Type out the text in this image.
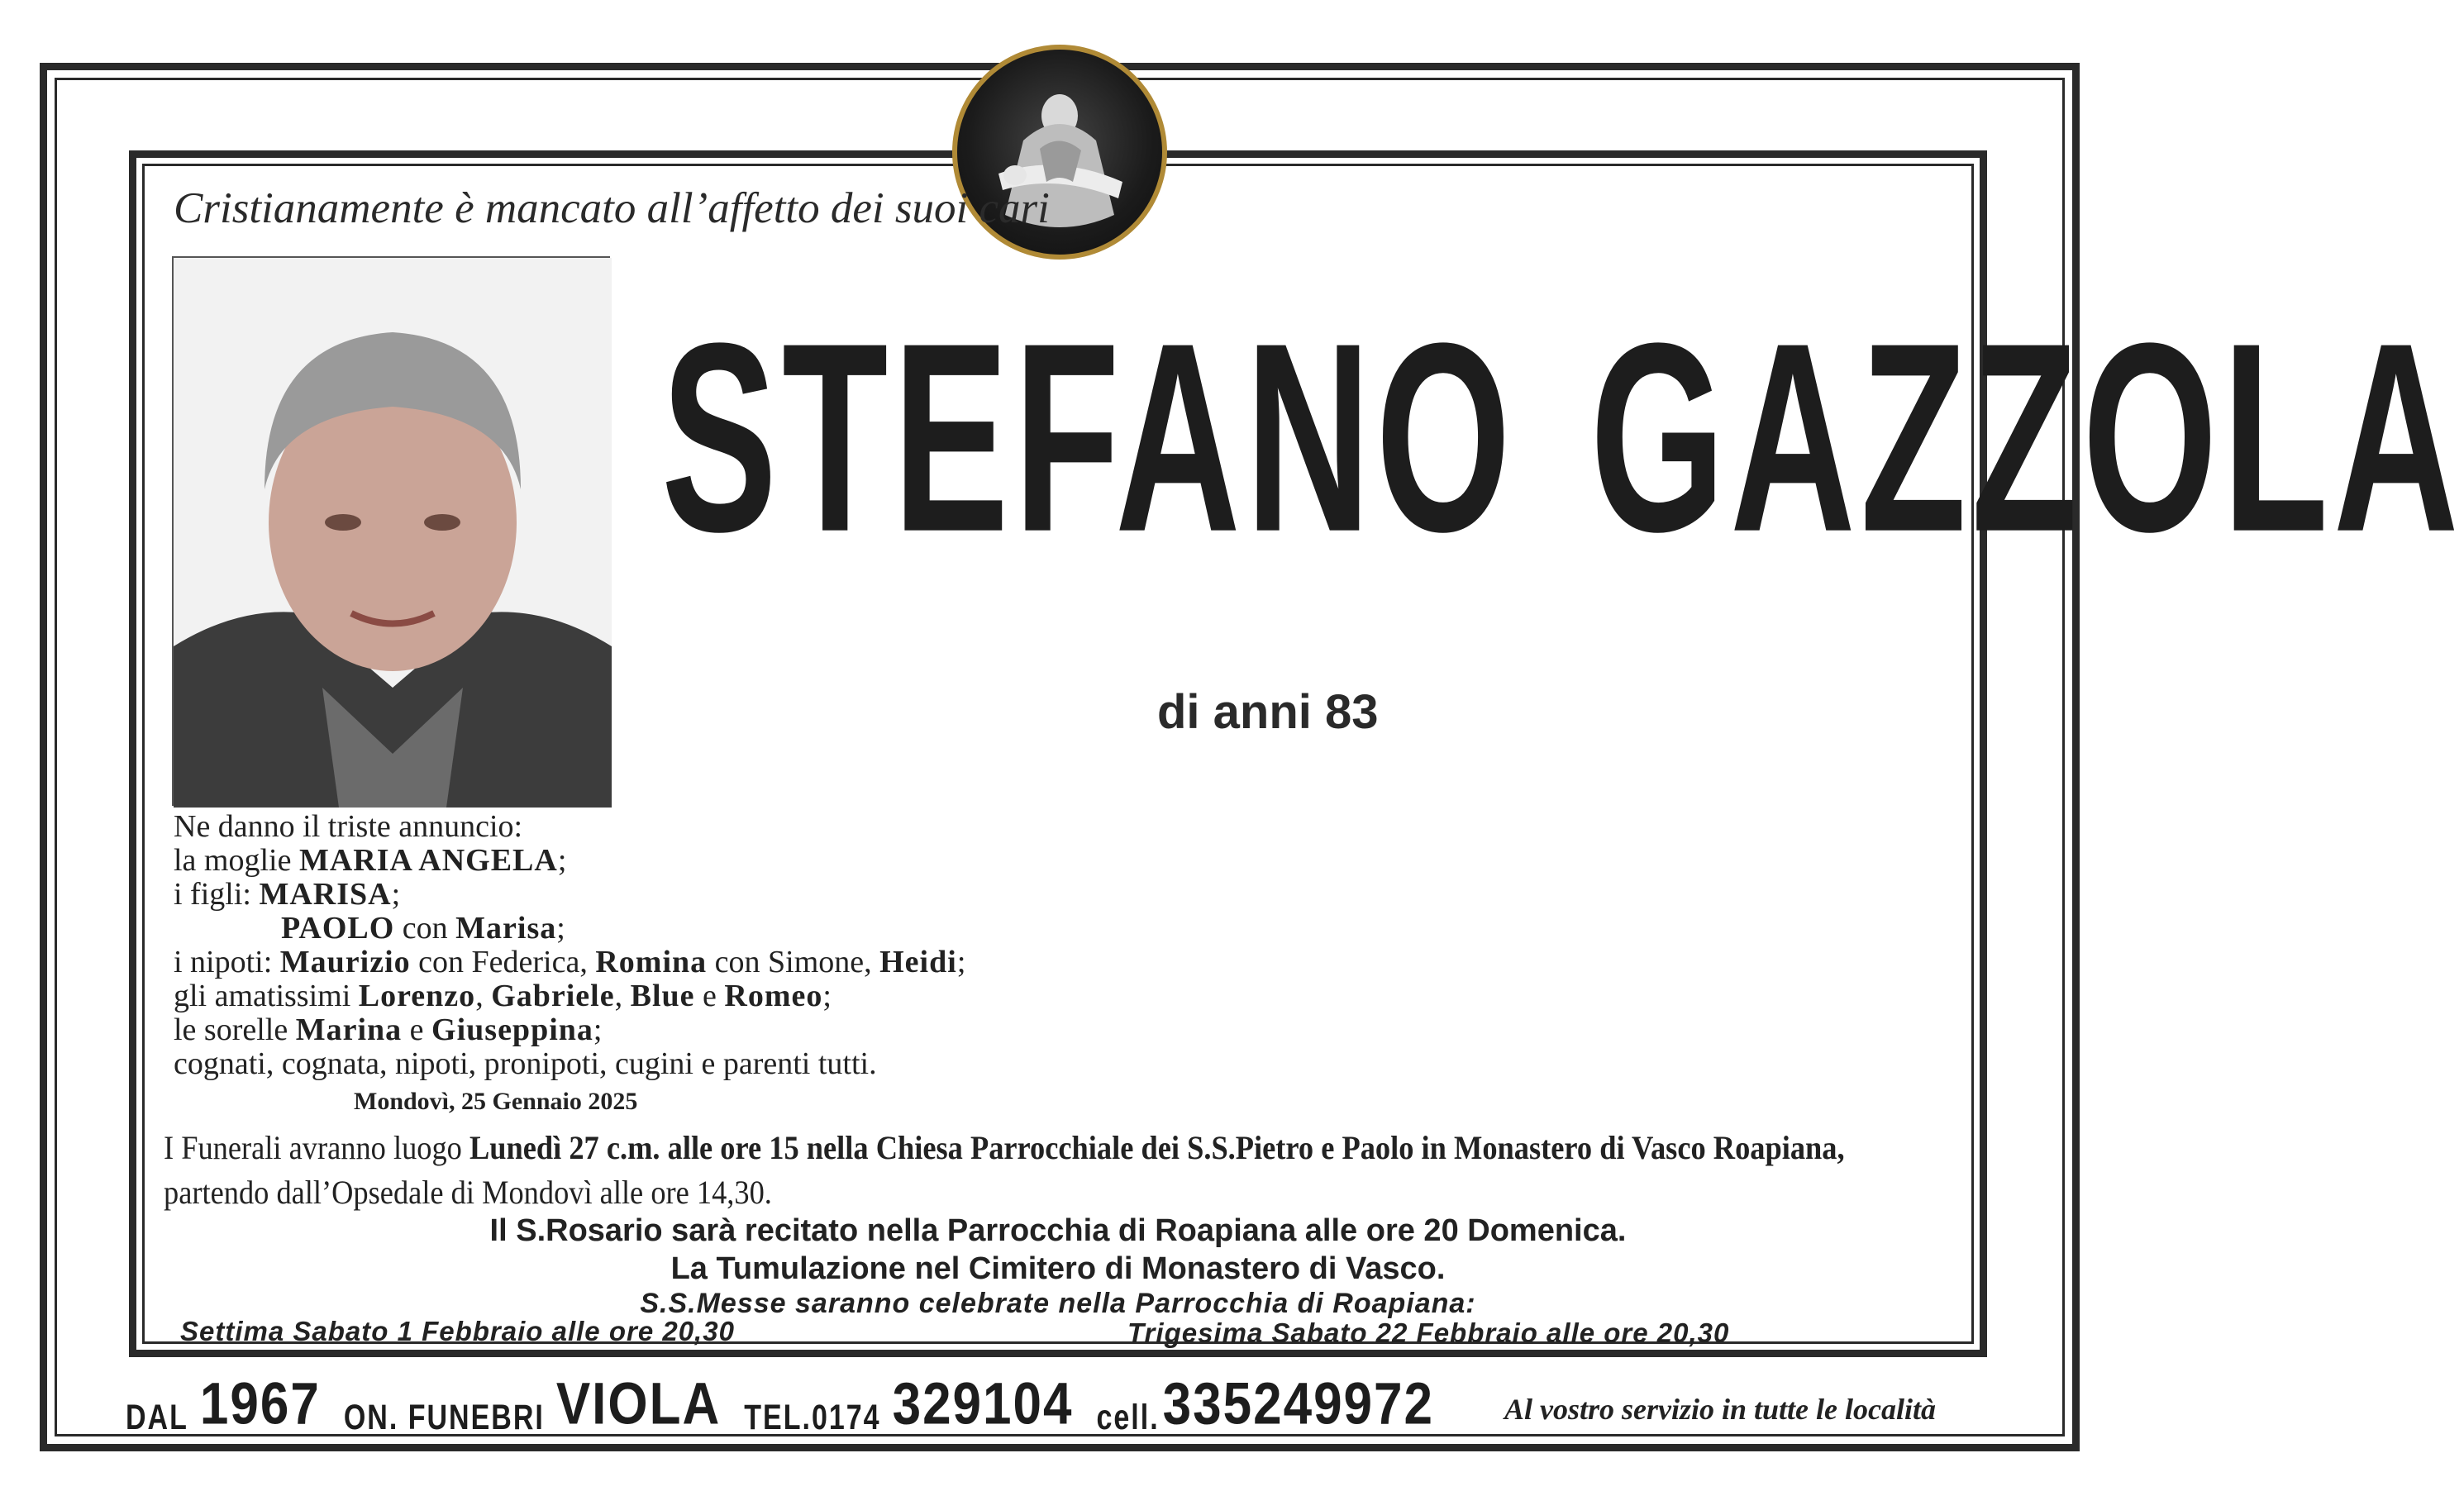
Cristianamente è mancato all’affetto dei suoi cari
STEFANO GAZZOLA
di anni 83
Ne danno il triste annuncio:
la moglie MARIA ANGELA;
i figli: MARISA;
PAOLO con Marisa;
i nipoti: Maurizio con Federica, Romina con Simone, Heidi;
gli amatissimi Lorenzo, Gabriele, Blue e Romeo;
le sorelle Marina e Giuseppina;
cognati, cognata, nipoti, pronipoti, cugini e parenti tutti.
Mondovì, 25 Gennaio 2025
I Funerali avranno luogo Lunedì 27 c.m. alle ore 15 nella Chiesa Parrocchiale dei S.S.Pietro e Paolo in Monastero di Vasco Roapiana,
partendo dall’Opsedale di Mondovì alle ore 14,30.
Il S.Rosario sarà recitato nella Parrocchia di Roapiana alle ore 20 Domenica.
La Tumulazione nel Cimitero di Monastero di Vasco.
S.S.Messe saranno celebrate nella Parrocchia di Roapiana:
Settima Sabato 1 Febbraio alle ore 20,30	Trigesima Sabato 22 Febbraio alle ore 20,30
DAL 1967 ON. FUNEBRI VIOLA TEL.0174 329104 cell. 335249972 Al vostro servizio in tutte le località
